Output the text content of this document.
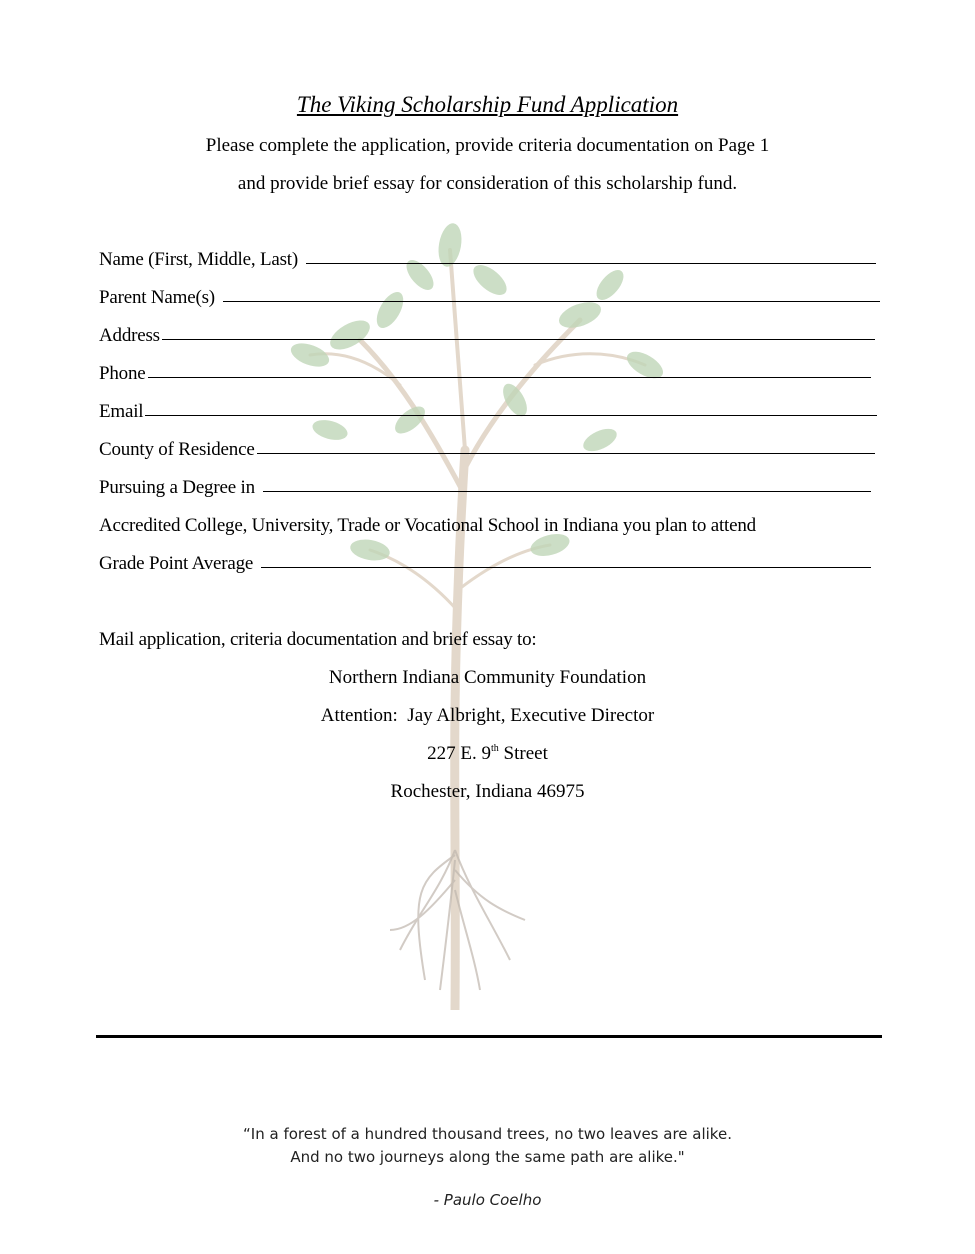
The Viking Scholarship Fund Application
Please complete the application, provide criteria documentation on Page 1
and provide brief essay for consideration of this scholarship fund.
Name (First, Middle, Last)
Parent Name(s)
Address
Phone
Email
County of Residence
Pursuing a Degree in
Accredited College, University, Trade or Vocational School in Indiana you plan to attend
Grade Point Average
Mail application, criteria documentation and brief essay to:
Northern Indiana Community Foundation
Attention:  Jay Albright, Executive Director
227 E. 9th Street
Rochester, Indiana 46975
“In a forest of a hundred thousand trees, no two leaves are alike.
And no two journeys along the same path are alike."
- Paulo Coelho
